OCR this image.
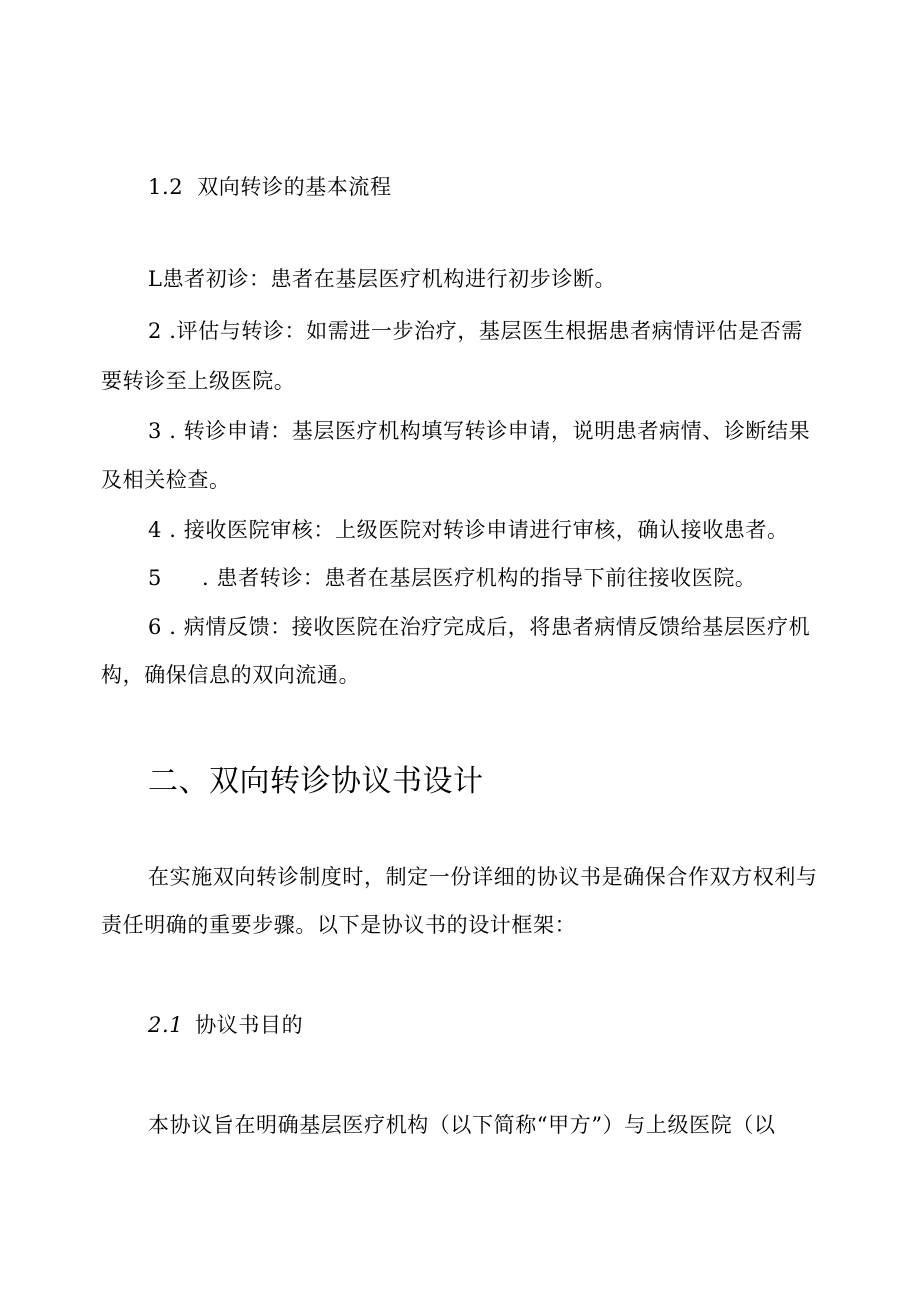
1.2 双向转诊的基本流程
L患者初诊：患者在基层医疗机构进行初步诊断。
2 .评估与转诊：如需进一步治疗，基层医生根据患者病情评估是否需
要转诊至上级医院。
3 . 转诊申请：基层医疗机构填写转诊申请，说明患者病情、诊断结果
及相关检查。
4 . 接收医院审核：上级医院对转诊申请进行审核，确认接收患者。
5 . 患者转诊：患者在基层医疗机构的指导下前往接收医院。
6 . 病情反馈：接收医院在治疗完成后，将患者病情反馈给基层医疗机
构，确保信息的双向流通。
二、双向转诊协议书设计
在实施双向转诊制度时，制定一份详细的协议书是确保合作双方权利与
责任明确的重要步骤。以下是协议书的设计框架：
2.1 协议书目的
本协议旨在明确基层医疗机构（以下简称“甲方”）与上级医院（以
